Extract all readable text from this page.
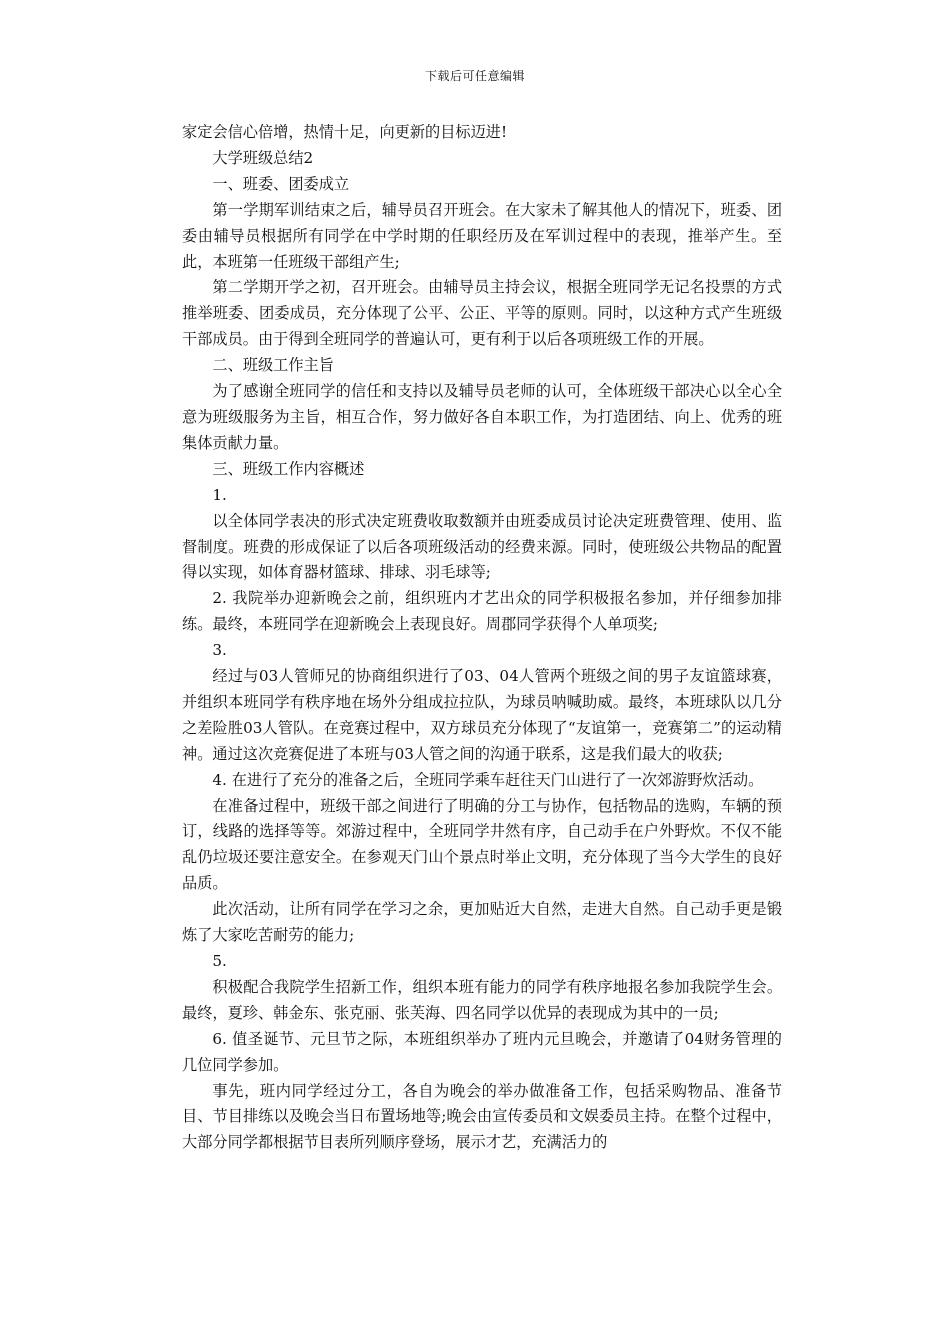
下载后可任意编辑

家定会信心倍增，热情十足，向更新的目标迈进!

大学班级总结2

一、班委、团委成立

第一学期军训结束之后，辅导员召开班会。在大家未了解其他人的情况下，班委、团委由辅导员根据所有同学在中学时期的任职经历及在军训过程中的表现，推举产生。至此，本班第一任班级干部组产生;

第二学期开学之初，召开班会。由辅导员主持会议，根据全班同学无记名投票的方式推举班委、团委成员，充分体现了公平、公正、平等的原则。同时，以这种方式产生班级干部成员。由于得到全班同学的普遍认可，更有利于以后各项班级工作的开展。

二、班级工作主旨

为了感谢全班同学的信任和支持以及辅导员老师的认可，全体班级干部决心以全心全意为班级服务为主旨，相互合作，努力做好各自本职工作，为打造团结、向上、优秀的班集体贡献力量。

三、班级工作内容概述

1.

以全体同学表决的形式决定班费收取数额并由班委成员讨论决定班费管理、使用、监督制度。班费的形成保证了以后各项班级活动的经费来源。同时，使班级公共物品的配置得以实现，如体育器材篮球、排球、羽毛球等;

2. 我院举办迎新晚会之前，组织班内才艺出众的同学积极报名参加，并仔细参加排练。最终，本班同学在迎新晚会上表现良好。周郡同学获得个人单项奖;

3.

经过与03人管师兄的协商组织进行了03、04人管两个班级之间的男子友谊篮球赛，并组织本班同学有秩序地在场外分组成拉拉队，为球员呐喊助威。最终，本班球队以几分之差险胜03人管队。在竞赛过程中，双方球员充分体现了“友谊第一，竞赛第二”的运动精神。通过这次竞赛促进了本班与03人管之间的沟通于联系，这是我们最大的收获;

4. 在进行了充分的准备之后，全班同学乘车赶往天门山进行了一次郊游野炊活动。

在准备过程中，班级干部之间进行了明确的分工与协作，包括物品的选购，车辆的预订，线路的选择等等。郊游过程中，全班同学井然有序，自己动手在户外野炊。不仅不能乱仍垃圾还要注意安全。在参观天门山个景点时举止文明，充分体现了当今大学生的良好品质。

此次活动，让所有同学在学习之余，更加贴近大自然，走进大自然。自己动手更是锻炼了大家吃苦耐劳的能力;

5.

积极配合我院学生招新工作，组织本班有能力的同学有秩序地报名参加我院学生会。最终，夏珍、韩金东、张克丽、张芙海、四名同学以优异的表现成为其中的一员;

6. 值圣诞节、元旦节之际，本班组织举办了班内元旦晚会，并邀请了04财务管理的几位同学参加。

事先，班内同学经过分工，各自为晚会的举办做准备工作，包括采购物品、准备节目、节目排练以及晚会当日布置场地等;晚会由宣传委员和文娱委员主持。在整个过程中，大部分同学都根据节目表所列顺序登场，展示才艺，充满活力的
